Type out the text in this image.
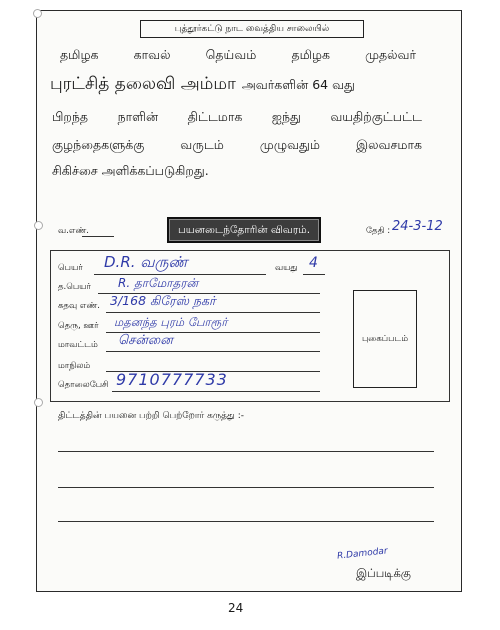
புத்தூர்கட்டு நாட வைத்திய சாலையில்
தமிழக	காவல்	தெய்வம்	தமிழக	முதல்வர்
புரட்சித் தலைவி அம்மா அவர்களின் 64 வது
பிறந்த நாளின் திட்டமாக ஐந்து வயதிற்குட்பட்ட
குழந்தைகளுக்கு	வருடம்	முழுவதும்	இலவசமாக
சிகிச்சை அளிக்கப்படுகிறது.
வ.எண்.	பயனடைந்தோரின் விவரம்.	தேதி : 24-3-12
பெயர் D.R. வருண்	வயது 4
த.பெயர் R. தாமோதரன்
கதவு எண். 3/168 கிரேஸ் நகர்
தெரு, ஊர் மதனந்த புரம் போரூர்
மாவட்டம் சென்னை
மாநிலம்
தொலைபேசி 9710777733
புகைப்படம்
திட்டத்தின் பயனை பற்றி பெற்றோர் கருத்து :-
R.Damodar
இப்படிக்கு
24
